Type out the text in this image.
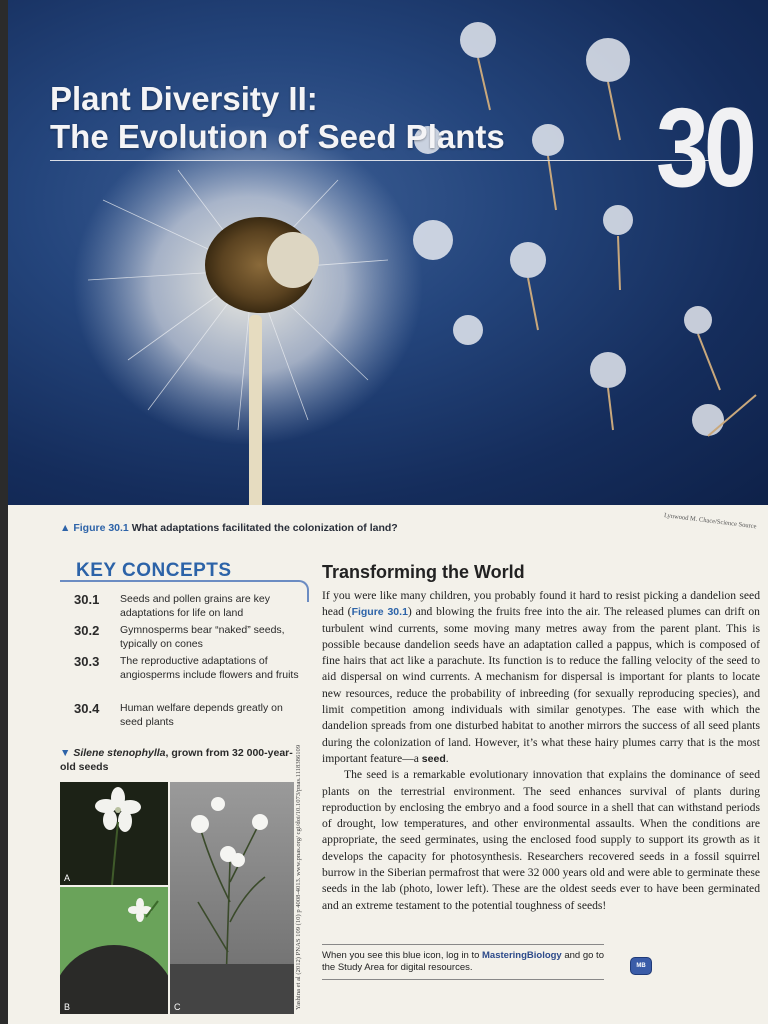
Plant Diversity II:
The Evolution of Seed Plants 30
▲ Figure 30.1 What adaptations facilitated the colonization of land?	Lynwood M. Chace/Science Source
KEY CONCEPTS
30.1 Seeds and pollen grains are key adaptations for life on land
30.2 Gymnosperms bear “naked” seeds, typically on cones
30.3 The reproductive adaptations of angiosperms include flowers and fruits
30.4 Human welfare depends greatly on seed plants
▼ Silene stenophylla, grown from 32 000-year-old seeds
A
B	C	Yashina et al (2012) PNAS 109 (10) p 4008-4013. www.pnas.org/ cgi/doi/10.1073/pnas.1118386109
Transforming the World

If you were like many children, you probably found it hard to resist picking a dandelion seed head (Figure 30.1) and blowing the fruits free into the air. The released plumes can drift on turbulent wind currents, some moving many metres away from the parent plant. This is possible because dandelion seeds have an adaptation called a pappus, which is composed of fine hairs that act like a parachute. Its function is to reduce the falling velocity of the seed to aid dispersal on wind currents. A mechanism for dispersal is important for plants to locate new resources, reduce the probability of inbreeding (for sexually reproducing species), and limit competition among individuals with similar genotypes. The ease with which the dandelion spreads from one disturbed habitat to another mirrors the success of all seed plants during the colonization of land. However, it’s what these hairy plumes carry that is the most important feature—a seed.

The seed is a remarkable evolutionary innovation that explains the dominance of seed plants on the terrestrial environment. The seed enhances survival of plants during reproduction by enclosing the embryo and a food source in a shell that can withstand periods of drought, low temperatures, and other environmental assaults. When the conditions are appropriate, the seed germinates, using the enclosed food supply to support its growth as it develops the capacity for photosynthesis. Researchers recovered seeds in a fossil squirrel burrow in the Siberian permafrost that were 32 000 years old and were able to germinate these seeds in the lab (photo, lower left). These are the oldest seeds ever to have been germinated and an extreme testament to the potential toughness of seeds!

When you see this blue icon, log in to MasteringBiology and go to the Study Area for digital resources.	MB
